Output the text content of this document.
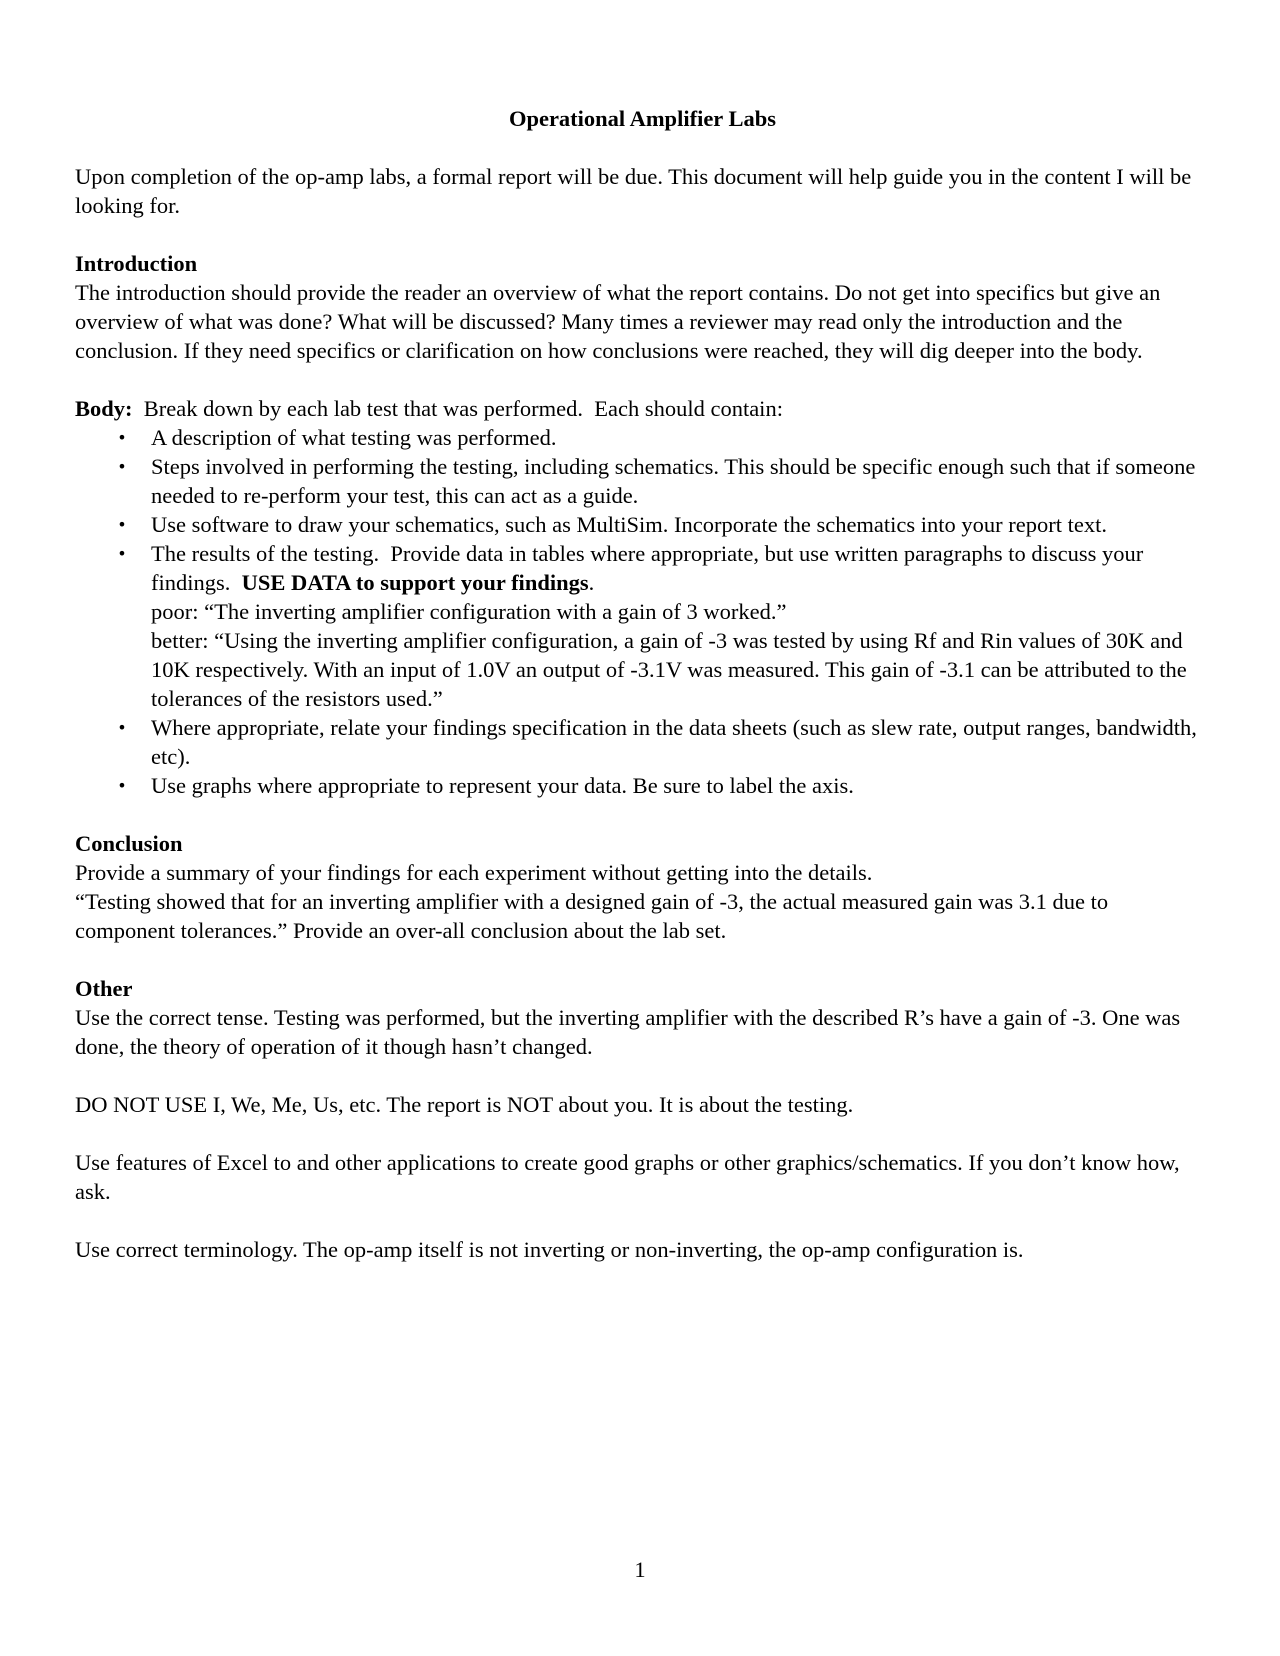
Operational Amplifier Labs

Upon completion of the op-amp labs, a formal report will be due. This document will help guide you in the content I will be looking for.

Introduction

The introduction should provide the reader an overview of what the report contains. Do not get into specifics but give an overview of what was done? What will be discussed? Many times a reviewer may read only the introduction and the conclusion. If they need specifics or clarification on how conclusions were reached, they will dig deeper into the body.

Body:  Break down by each lab test that was performed.  Each should contain:

• A description of what testing was performed.
• Steps involved in performing the testing, including schematics. This should be specific enough such that if someone needed to re-perform your test, this can act as a guide.
• Use software to draw your schematics, such as MultiSim. Incorporate the schematics into your report text.
• The results of the testing.  Provide data in tables where appropriate, but use written paragraphs to discuss your findings.  USE DATA to support your findings.
poor: “The inverting amplifier configuration with a gain of 3 worked.”
better: “Using the inverting amplifier configuration, a gain of -3 was tested by using Rf and Rin values of 30K and 10K respectively. With an input of 1.0V an output of -3.1V was measured. This gain of -3.1 can be attributed to the tolerances of the resistors used.”
• Where appropriate, relate your findings specification in the data sheets (such as slew rate, output ranges, bandwidth, etc).
• Use graphs where appropriate to represent your data. Be sure to label the axis.

Conclusion

Provide a summary of your findings for each experiment without getting into the details.

“Testing showed that for an inverting amplifier with a designed gain of -3, the actual measured gain was 3.1 due to component tolerances.” Provide an over-all conclusion about the lab set.

Other

Use the correct tense. Testing was performed, but the inverting amplifier with the described R’s have a gain of -3. One was done, the theory of operation of it though hasn’t changed.

DO NOT USE I, We, Me, Us, etc. The report is NOT about you. It is about the testing.

Use features of Excel to and other applications to create good graphs or other graphics/schematics. If you don’t know how, ask.

Use correct terminology. The op-amp itself is not inverting or non-inverting, the op-amp configuration is.

1
